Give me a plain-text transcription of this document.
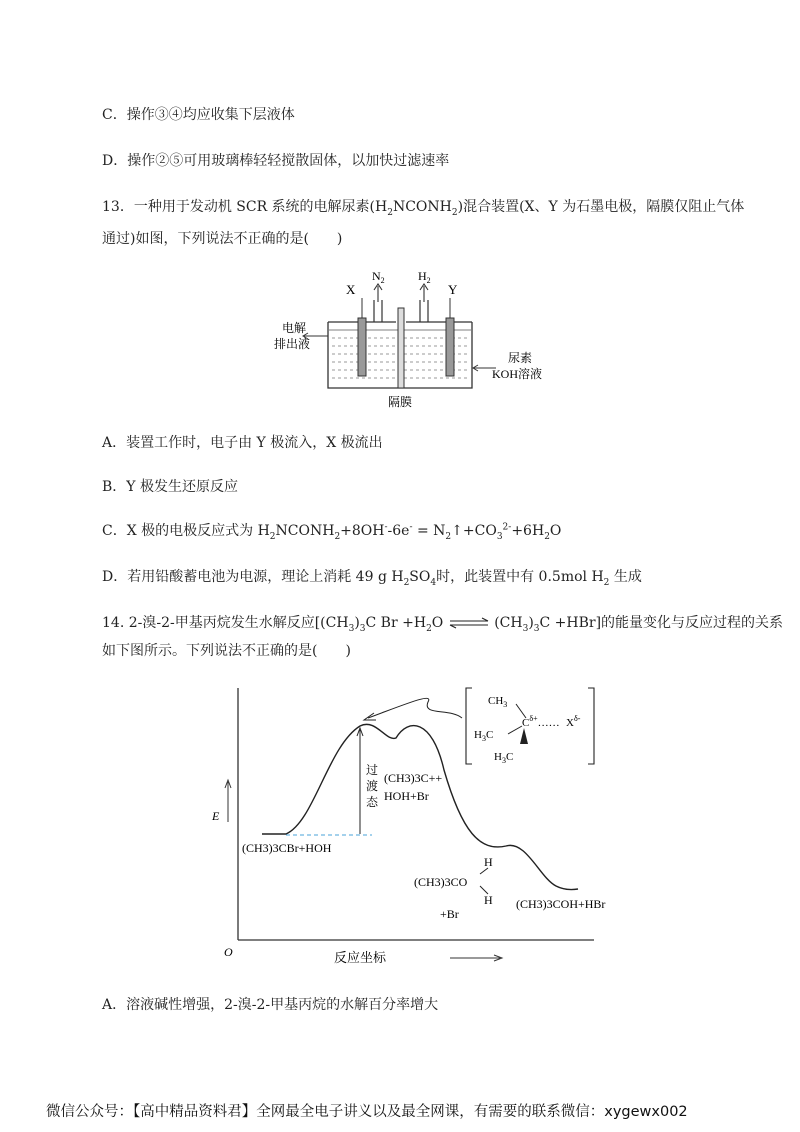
C．操作③④均应收集下层液体
D．操作②⑤可用玻璃棒轻轻搅散固体，以加快过滤速率
13．一种用于发动机 SCR 系统的电解尿素$(H_2NCONH_2)$混合装置(X、Y 为石墨电极，隔膜仅阻止气体
通过)如图，下列说法不正确的是(　　)
X	Y
$N_2$	$H_2$
电解
排出液
尿素
KOH溶液
隔膜
A．装置工作时，电子由 Y 极流入，X 极流出
B．Y 极发生还原反应
C．X 极的电极反应式为 $H_2NCONH_2+8OH^--6e^-$ = $N_2↑+CO_3^{2-}+6H_2O$
D．若用铅酸蓄电池为电源，理论上消耗 49 g $H_2SO_4$时，此装置中有 0.5mol $H_2$ 生成
14. 2-溴-2-甲基丙烷发生水解反应[$(CH_3)_3C$ $Br +H_2O$ ⇌ $(CH_3)_3C +HBr$]的能量变化与反应过程的关系
如下图所示。下列说法不正确的是(　　)
E
O	反应坐标
过
渡
态
(CH3)3CBr+HOH
(CH3)3C++
HOH+Br
(CH3)3CO
+Br
H
H (CH3)3COH+HBr
$CH_3$
$C^{\delta+}\dots\dots$ $X^{\delta-}$
$H_3C$
$H_3C$
A．溶液碱性增强，2-溴-2-甲基丙烷的水解百分率增大
微信公众号：【高中精品资料君】全网最全电子讲义以及最全网课，有需要的联系微信：xygewx002
